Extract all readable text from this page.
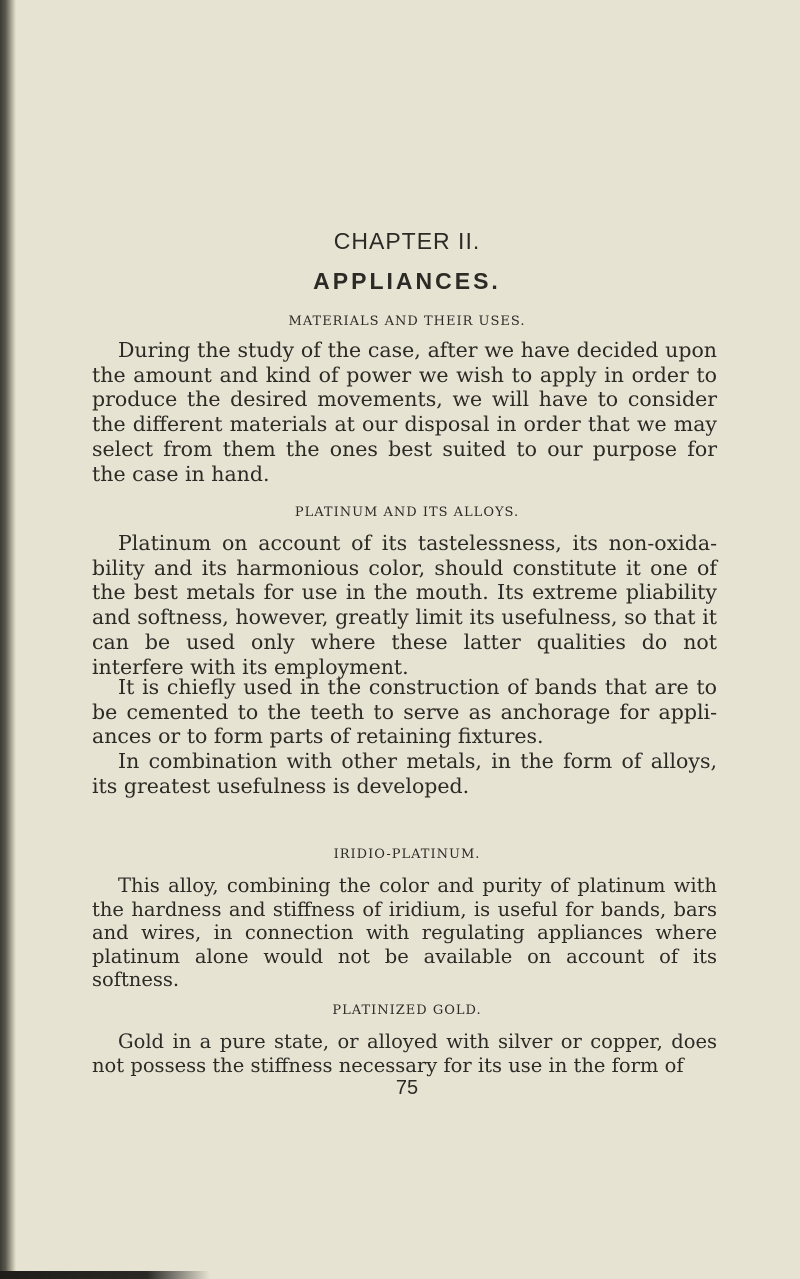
CHAPTER II.
APPLIANCES.
MATERIALS AND THEIR USES.

During the study of the case, after we have decided upon the amount and kind of power we wish to apply in order to produce the desired movements, we will have to consider the different materials at our disposal in order that we may select from them the ones best suited to our purpose for the case in hand.

PLATINUM AND ITS ALLOYS.

Platinum on account of its tastelessness, its non-oxida- bility and its harmonious color, should constitute it one of the best metals for use in the mouth. Its extreme pliability and softness, however, greatly limit its usefulness, so that it can be used only where these latter qualities do not interfere with its employment.

It is chiefly used in the construction of bands that are to be cemented to the teeth to serve as anchorage for appli- ances or to form parts of retaining fixtures.

In combination with other metals, in the form of alloys, its greatest usefulness is developed.

IRIDIO-PLATINUM.

This alloy, combining the color and purity of platinum with the hardness and stiffness of iridium, is useful for bands, bars and wires, in connection with regulating appliances where platinum alone would not be available on account of its softness.

PLATINIZED GOLD.

Gold in a pure state, or alloyed with silver or copper, does not possess the stiffness necessary for its use in the form of

75
